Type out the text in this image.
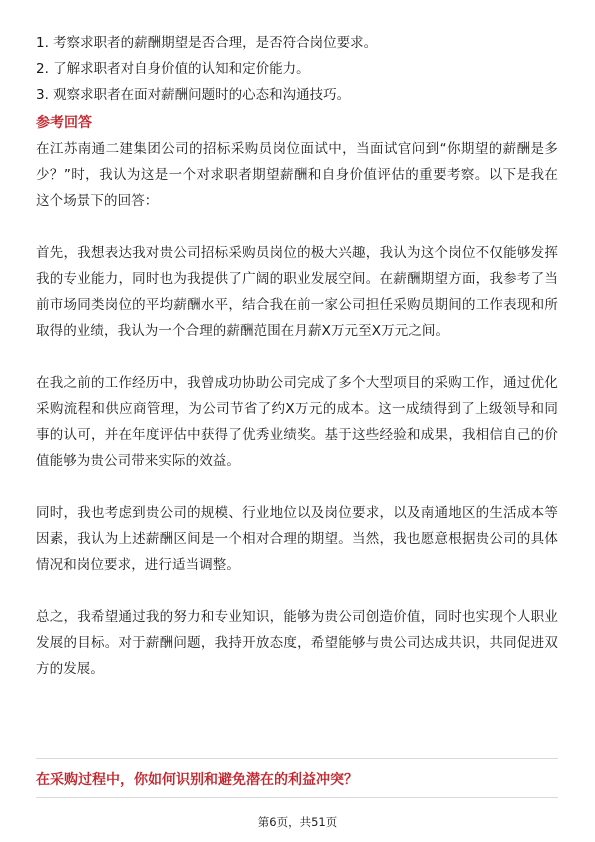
1. 考察求职者的薪酬期望是否合理，是否符合岗位要求。
2. 了解求职者对自身价值的认知和定价能力。
3. 观察求职者在面对薪酬问题时的心态和沟通技巧。
参考回答

在江苏南通二建集团公司的招标采购员岗位面试中，当面试官问到“你期望的薪酬是多少？”时，我认为这是一个对求职者期望薪酬和自身价值评估的重要考察。以下是我在这个场景下的回答：

首先，我想表达我对贵公司招标采购员岗位的极大兴趣，我认为这个岗位不仅能够发挥我的专业能力，同时也为我提供了广阔的职业发展空间。在薪酬期望方面，我参考了当前市场同类岗位的平均薪酬水平，结合我在前一家公司担任采购员期间的工作表现和所取得的业绩，我认为一个合理的薪酬范围在月薪X万元至X万元之间。

在我之前的工作经历中，我曾成功协助公司完成了多个大型项目的采购工作，通过优化采购流程和供应商管理，为公司节省了约X万元的成本。这一成绩得到了上级领导和同事的认可，并在年度评估中获得了优秀业绩奖。基于这些经验和成果，我相信自己的价值能够为贵公司带来实际的效益。

同时，我也考虑到贵公司的规模、行业地位以及岗位要求，以及南通地区的生活成本等因素，我认为上述薪酬区间是一个相对合理的期望。当然，我也愿意根据贵公司的具体情况和岗位要求，进行适当调整。

总之，我希望通过我的努力和专业知识，能够为贵公司创造价值，同时也实现个人职业发展的目标。对于薪酬问题，我持开放态度，希望能够与贵公司达成共识，共同促进双方的发展。

在采购过程中，你如何识别和避免潜在的利益冲突？
第6页，共51页
